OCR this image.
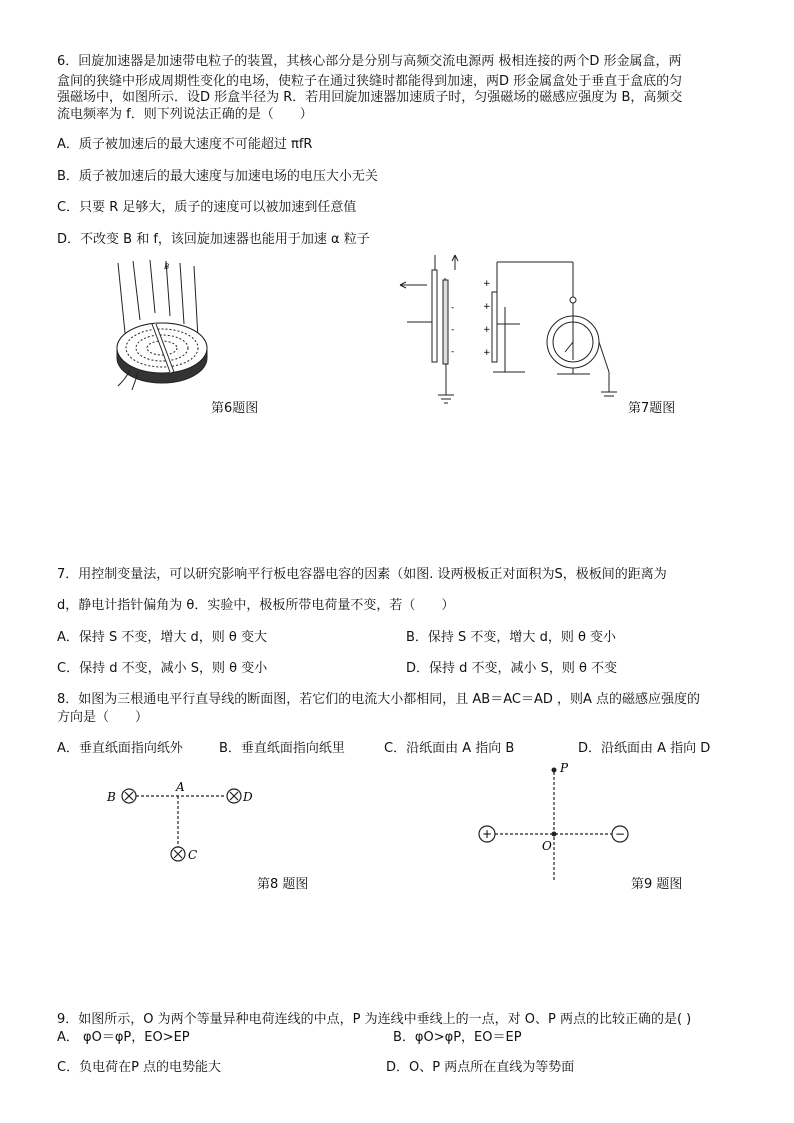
6．回旋加速器是加速带电粒子的装置，其核心部分是分别与高频交流电源两 极相连接的两个D 形金属盒，两
盒间的狭缝中形成周期性变化的电场，使粒子在通过狭缝时都能得到加速，两D 形金属盒处于垂直于盒底的匀
强磁场中，如图所示．设D 形盒半径为 R．若用回旋加速器加速质子时，匀强磁场的磁感应强度为 B，高频交
流电频率为 f．则下列说法正确的是（　　）
A．质子被加速后的最大速度不可能超过 πfR
B．质子被加速后的最大速度与加速电场的电压大小无关
C．只要 R 足够大，质子的速度可以被加速到任意值
D．不改变 B 和 f，该回旋加速器也能用于加速 α 粒子
B
第6题图
+
+
+
+
-
-
-
第7题图
7．用控制变量法，可以研究影响平行板电容器电容的因素（如图. 设两极板正对面积为S，极板间的距离为
d，静电计指针偏角为 θ．实验中，极板所带电荷量不变，若（　　）
A．保持 S 不变，增大 d，则 θ 变大	B．保持 S 不变，增大 d，则 θ 变小
C．保持 d 不变，减小 S，则 θ 变小	D．保持 d 不变，减小 S，则 θ 不变
8．如图为三根通电平行直导线的断面图，若它们的电流大小都相同，且 AB＝AC＝AD ，则A 点的磁感应强度的
方向是（　　）
A．垂直纸面指向纸外	B．垂直纸面指向纸里	C．沿纸面由 A 指向 B	D．沿纸面由 A 指向 D
A
B	D
C
第8 题图
+	−
P
O
第9 题图
9．如图所示，O 为两个等量异种电荷连线的中点，P 为连线中垂线上的一点，对 O、P 两点的比较正确的是( )
A． φO＝φP，EO>EP	B．φO>φP，EO＝EP
C．负电荷在P 点的电势能大	D．O、P 两点所在直线为等势面
